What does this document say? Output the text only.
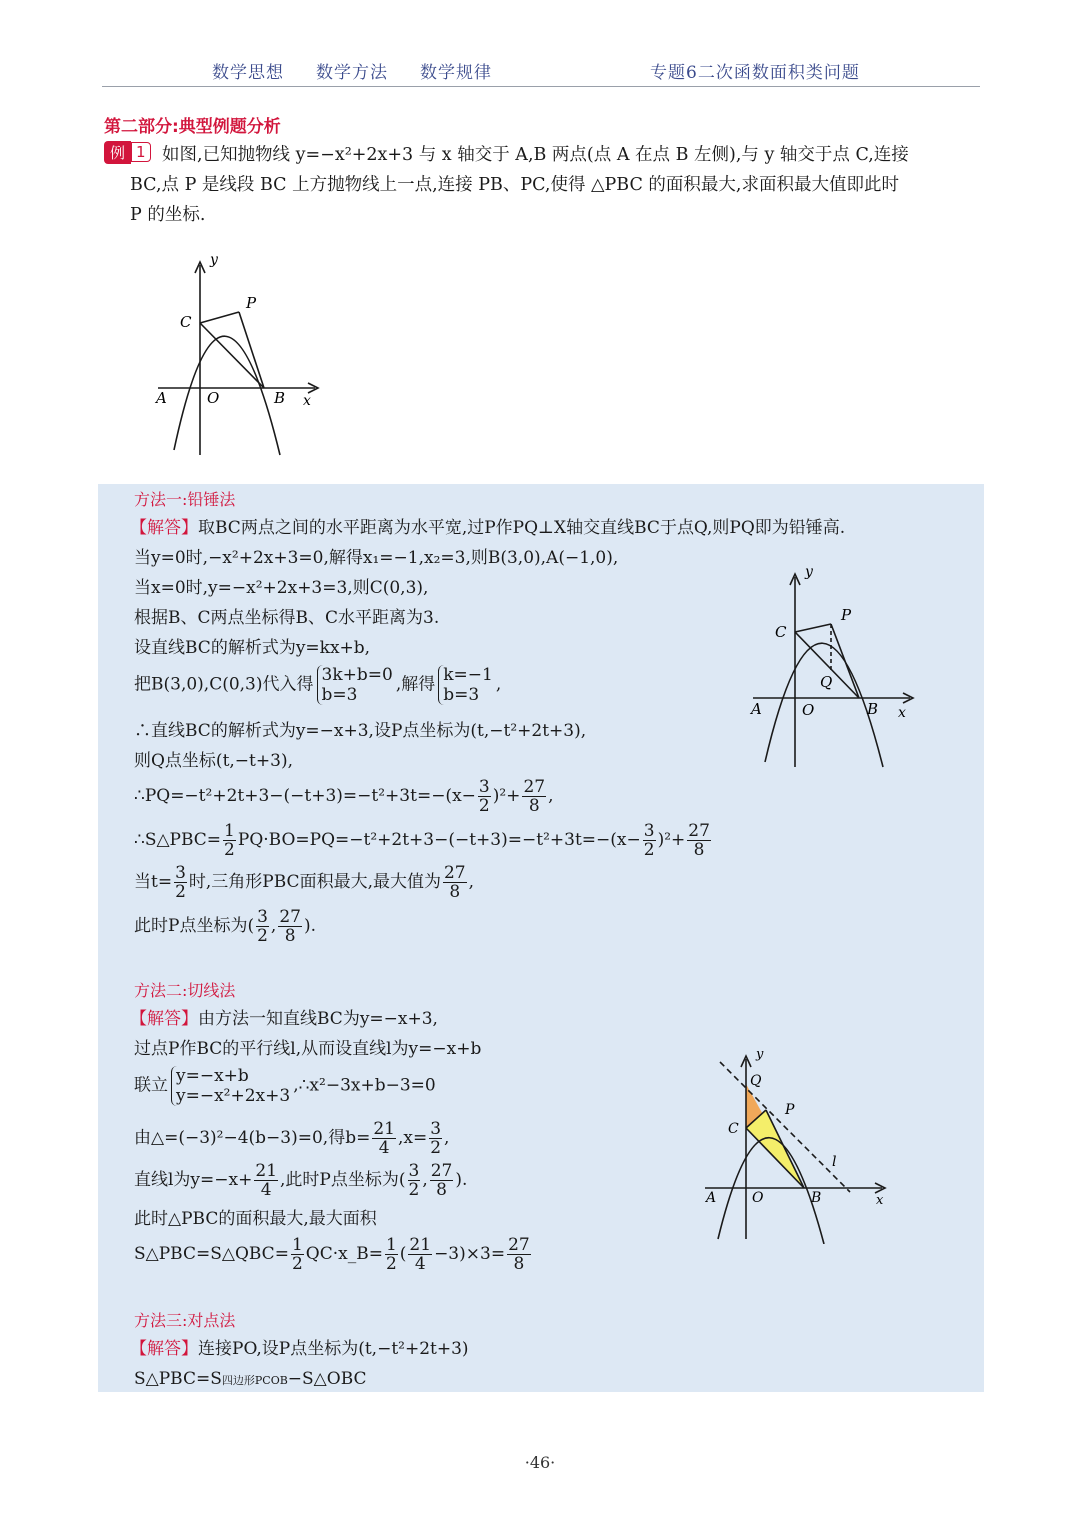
数学思想 数学方法 数学规律	专题6二次函数面积类问题
第二部分:典型例题分析
例 1 如图,已知抛物线 y=−x²+2x+3 与 x 轴交于 A,B 两点(点 A 在点 B 左侧),与 y 轴交于点 C,连接

BC,点 P 是线段 BC 上方抛物线上一点,连接 PB、PC,使得 △PBC 的面积最大,求面积最大值即此时

P 的坐标.

y
x
A	O	B
C
P
方法一:铅锤法
【解答】取BC两点之间的水平距离为水平宽,过P作PQ⊥X轴交直线BC于点Q,则PQ即为铅锤高.
当y=0时,−x²+2x+3=0,解得x₁=−1,x₂=3,则B(3,0),A(−1,0),
当x=0时,y=−x²+2x+3=3,则C(0,3),
根据B、C两点坐标得B、C水平距离为3.
设直线BC的解析式为y=kx+b,
把B(3,0),C(0,3)代入得 3k+b=0
b=3
,解得 k=−1
b=3
,
∴直线BC的解析式为y=−x+3,设P点坐标为(t,−t²+2t+3),
则Q点坐标(t,−t+3),
∴PQ=−t²+2t+3−(−t+3)=−t²+3t=−(x− $\frac{3}{2} )^2+ \frac{27}{8}$ ,
∴S△PBC= $\frac{1}{2} PQ\cdot BO=PQ=-t^2+2t+3-(-t+3)=-t^2+3t=-(x- \frac{3}{2} )^2+ \frac{27}{8}$
当$t= \frac{3}{2}$ 时,三角形PBC面积最大,最大值为 $\frac{27}{8}$ ,
此时P点坐标为( $\frac{3}{2}$ , $\frac{27}{8}$ ).
y
x
A	O	B
C
P
Q
方法二:切线法
【解答】由方法一知直线BC为y=−x+3,
过点P作BC的平行线l,从而设直线l为y=−x+b
联立 y=−x+b
y=−x²+2x+3
,∴x²−3x+b−3=0
由△=(−3)²−4(b−3)=0,得$b= \frac{21}{4} ,x= \frac{3}{2}$ ,
直线l为$y=-x+ \frac{21}{4}$ ,此时P点坐标为( $\frac{3}{2}$ , $\frac{27}{8}$ ).
此时△PBC的面积最大,最大面积
S△PBC=S△QBC= $\frac{1}{2}$ QC·x_B= $\frac{1}{2}$ ( $\frac{21}{4} -3)\times 3= \frac{27}{8}$
y
x
A	O	B
C
P
Q
l
方法三:对点法
【解答】连接PO,设P点坐标为(t,−t²+2t+3)
S△PBC=S四边形PCOB−S△OBC
·46·
